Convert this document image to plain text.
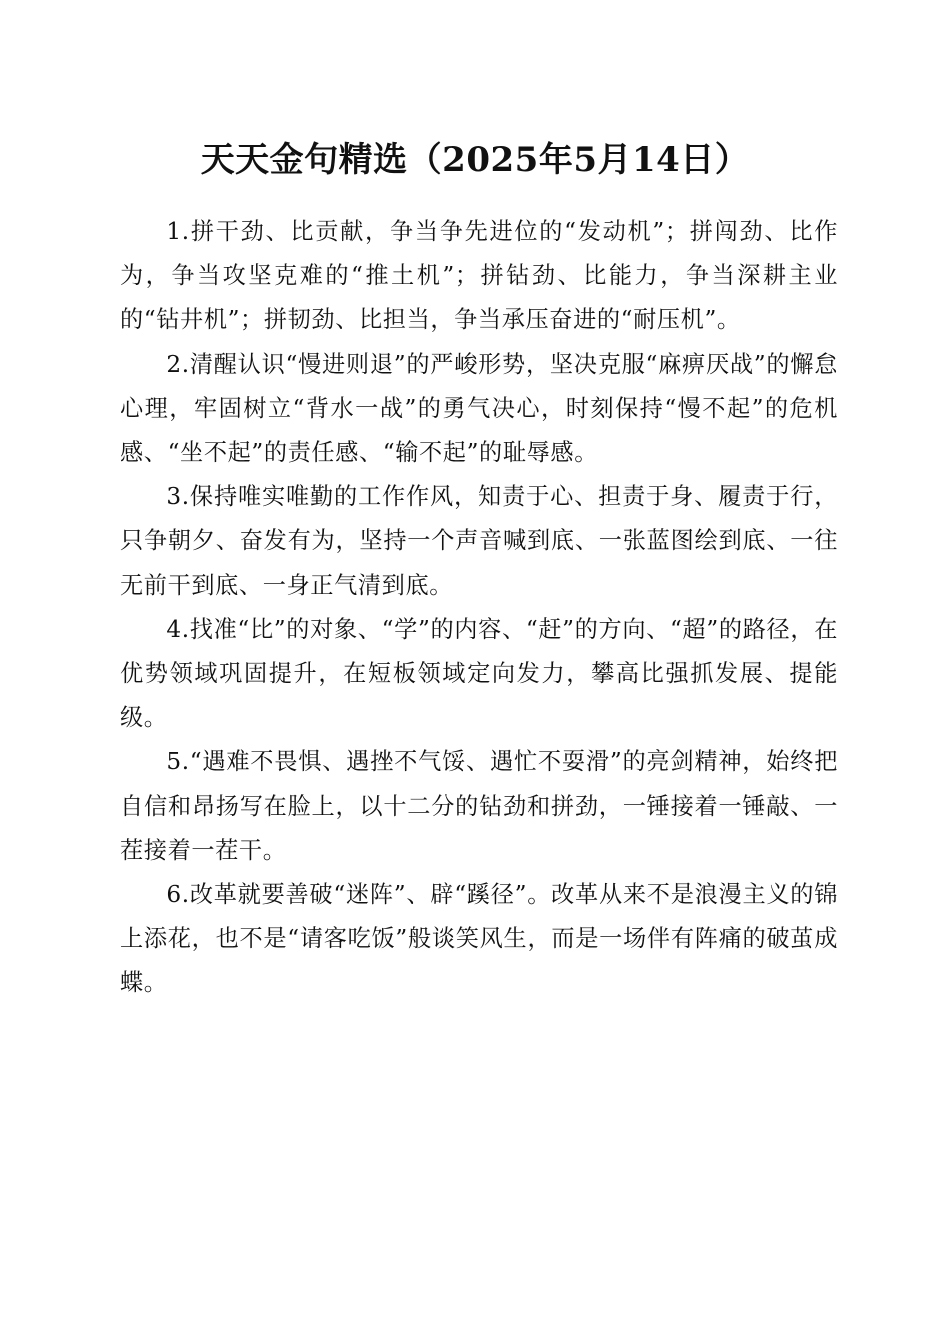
天天金句精选（2025年5月14日）

1.拼干劲、比贡献，争当争先进位的“发动机”；拼闯劲、比作为，争当攻坚克难的“推土机”；拼钻劲、比能力，争当深耕主业的“钻井机”；拼韧劲、比担当，争当承压奋进的“耐压机”。

2.清醒认识“慢进则退”的严峻形势，坚决克服“麻痹厌战”的懈怠心理，牢固树立“背水一战”的勇气决心，时刻保持“慢不起”的危机感、“坐不起”的责任感、“输不起”的耻辱感。

3.保持唯实唯勤的工作作风，知责于心、担责于身、履责于行，只争朝夕、奋发有为，坚持一个声音喊到底、一张蓝图绘到底、一往无前干到底、一身正气清到底。

4.找准“比”的对象、“学”的内容、“赶”的方向、“超”的路径，在优势领域巩固提升，在短板领域定向发力，攀高比强抓发展、提能级。

5.“遇难不畏惧、遇挫不气馁、遇忙不耍滑”的亮剑精神，始终把自信和昂扬写在脸上，以十二分的钻劲和拼劲，一锤接着一锤敲、一茬接着一茬干。

6.改革就要善破“迷阵”、辟“蹊径”。改革从来不是浪漫主义的锦上添花，也不是“请客吃饭”般谈笑风生，而是一场伴有阵痛的破茧成蝶。
